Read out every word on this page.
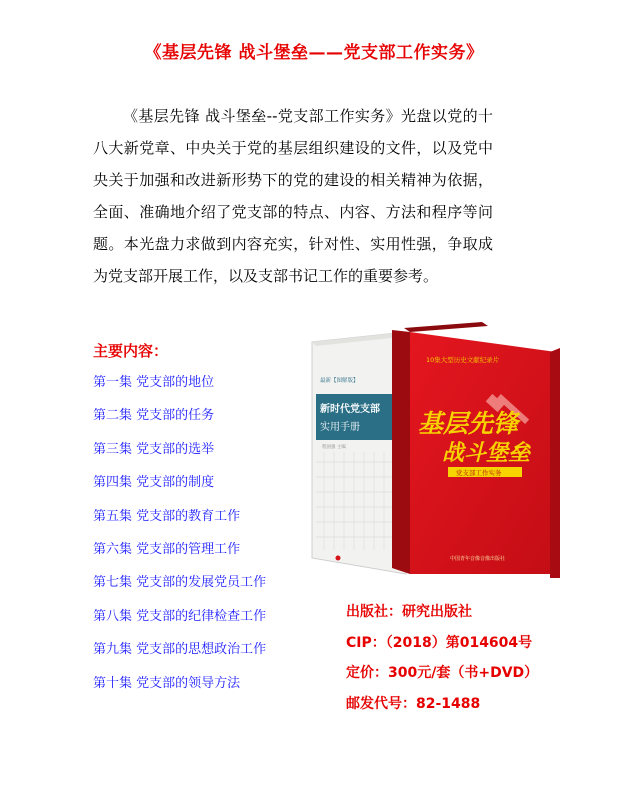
《基层先锋 战斗堡垒——党支部工作实务》
《基层先锋 战斗堡垒--党支部工作实务》光盘以党的十八大新党章、中央关于党的基层组织建设的文件，以及党中央关于加强和改进新形势下的党的建设的相关精神为依据，全面、准确地介绍了党支部的特点、内容、方法和程序等问题。本光盘力求做到内容充实，针对性、实用性强，争取成为党支部开展工作，以及支部书记工作的重要参考。
主要内容：
第一集 党支部的地位
第二集 党支部的任务
第三集 党支部的选举
第四集 党支部的制度
第五集 党支部的教育工作
第六集 党支部的管理工作
第七集 党支部的发展党员工作
第八集 党支部的纪律检查工作
第九集 党支部的思想政治工作
第十集 党支部的领导方法
最新【图解版】
新时代党支部
实用手册
程国强 主编
10集大型历史文献纪录片
基层先锋
战斗堡垒
党支部工作实务
中国青年音像音像出版社
出版社：研究出版社
CIP：（2018）第014604号
定价：300元/套（书+DVD）
邮发代号：82-1488
